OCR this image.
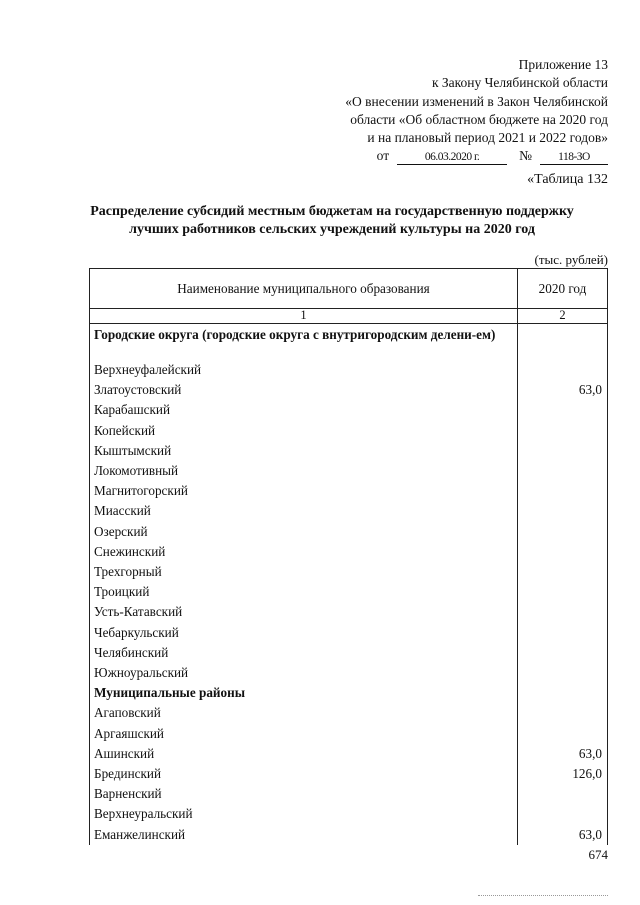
Приложение 13
к Закону Челябинской области
«О внесении изменений в Закон Челябинской
области «Об областном бюджете на 2020 год
и на плановый период 2021 и 2022 годов»
от	06.03.2020 г.	№	118-ЗО
«Таблица 132
Распределение субсидий местным бюджетам на государственную поддержку
лучших работников сельских учреждений культуры на 2020 год
(тыс. рублей)
Наименование муниципального образования	2020 год
1	2
Городские округа (городские округа с внутригородским делени-ем)	
Верхнеуфалейский	
Златоустовский	63,0
Карабашский	
Копейский	
Кыштымский	
Локомотивный	
Магнитогорский	
Миасский	
Озерский	
Снежинский	
Трехгорный	
Троицкий	
Усть-Катавский	
Чебаркульский	
Челябинский	
Южноуральский	
Муниципальные районы	
Агаповский	
Аргаяшский	
Ашинский	63,0
Брединский	126,0
Варненский	
Верхнеуральский	
Еманжелинский	63,0
674
